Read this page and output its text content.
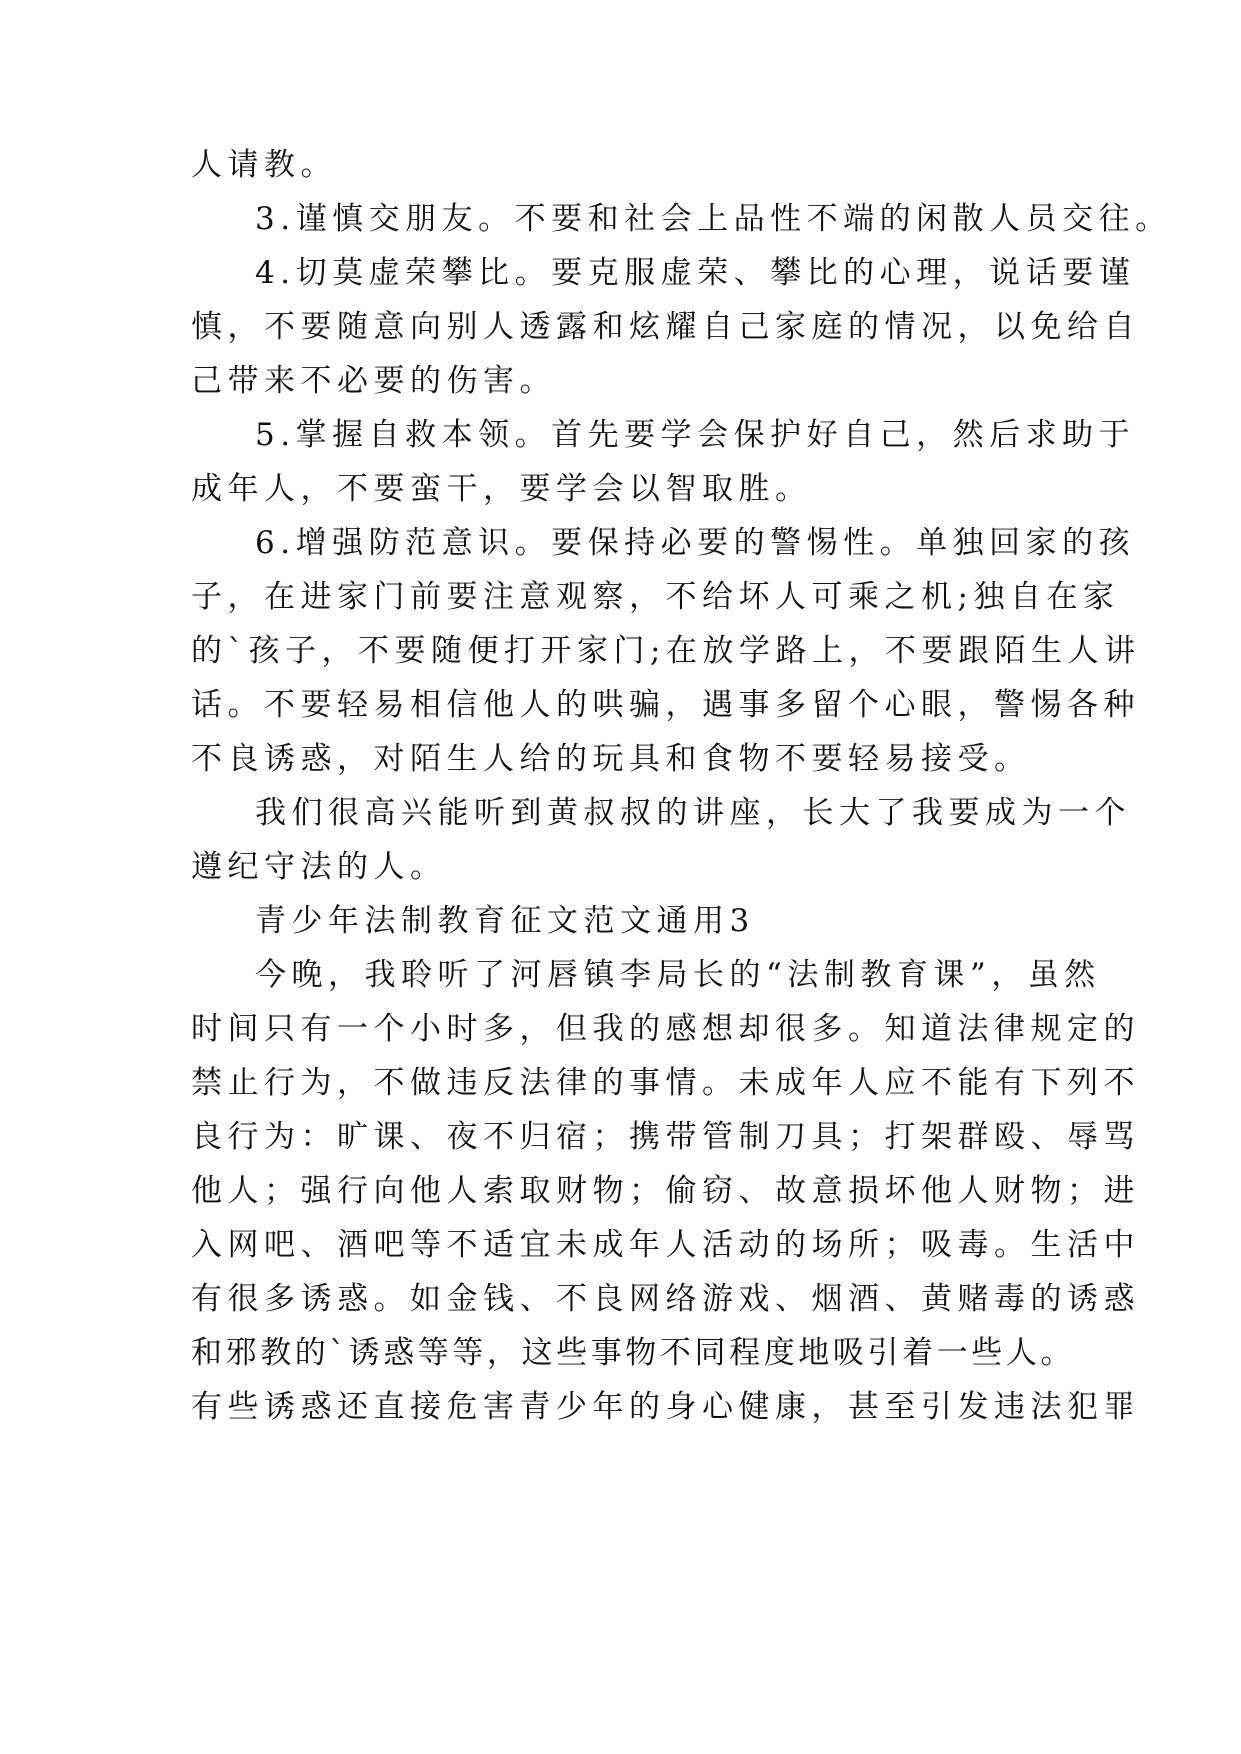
人请教。
3.谨慎交朋友。不要和社会上品性不端的闲散人员交往。
4.切莫虚荣攀比。要克服虚荣、攀比的心理，说话要谨
慎，不要随意向别人透露和炫耀自己家庭的情况，以免给自
己带来不必要的伤害。
5.掌握自救本领。首先要学会保护好自己，然后求助于
成年人，不要蛮干，要学会以智取胜。
6.增强防范意识。要保持必要的警惕性。单独回家的孩
子，在进家门前要注意观察，不给坏人可乘之机;独自在家
的`孩子，不要随便打开家门;在放学路上，不要跟陌生人讲
话。不要轻易相信他人的哄骗，遇事多留个心眼，警惕各种
不良诱惑，对陌生人给的玩具和食物不要轻易接受。
我们很高兴能听到黄叔叔的讲座，长大了我要成为一个
遵纪守法的人。
青少年法制教育征文范文通用3
今晚，我聆听了河唇镇李局长的“法制教育课”，虽然
时间只有一个小时多，但我的感想却很多。知道法律规定的
禁止行为，不做违反法律的事情。未成年人应不能有下列不
良行为：旷课、夜不归宿；携带管制刀具；打架群殴、辱骂
他人；强行向他人索取财物；偷窃、故意损坏他人财物；进
入网吧、酒吧等不适宜未成年人活动的场所；吸毒。生活中
有很多诱惑。如金钱、不良网络游戏、烟酒、黄赌毒的诱惑
和邪教的`诱惑等等，这些事物不同程度地吸引着一些人。
有些诱惑还直接危害青少年的身心健康，甚至引发违法犯罪
